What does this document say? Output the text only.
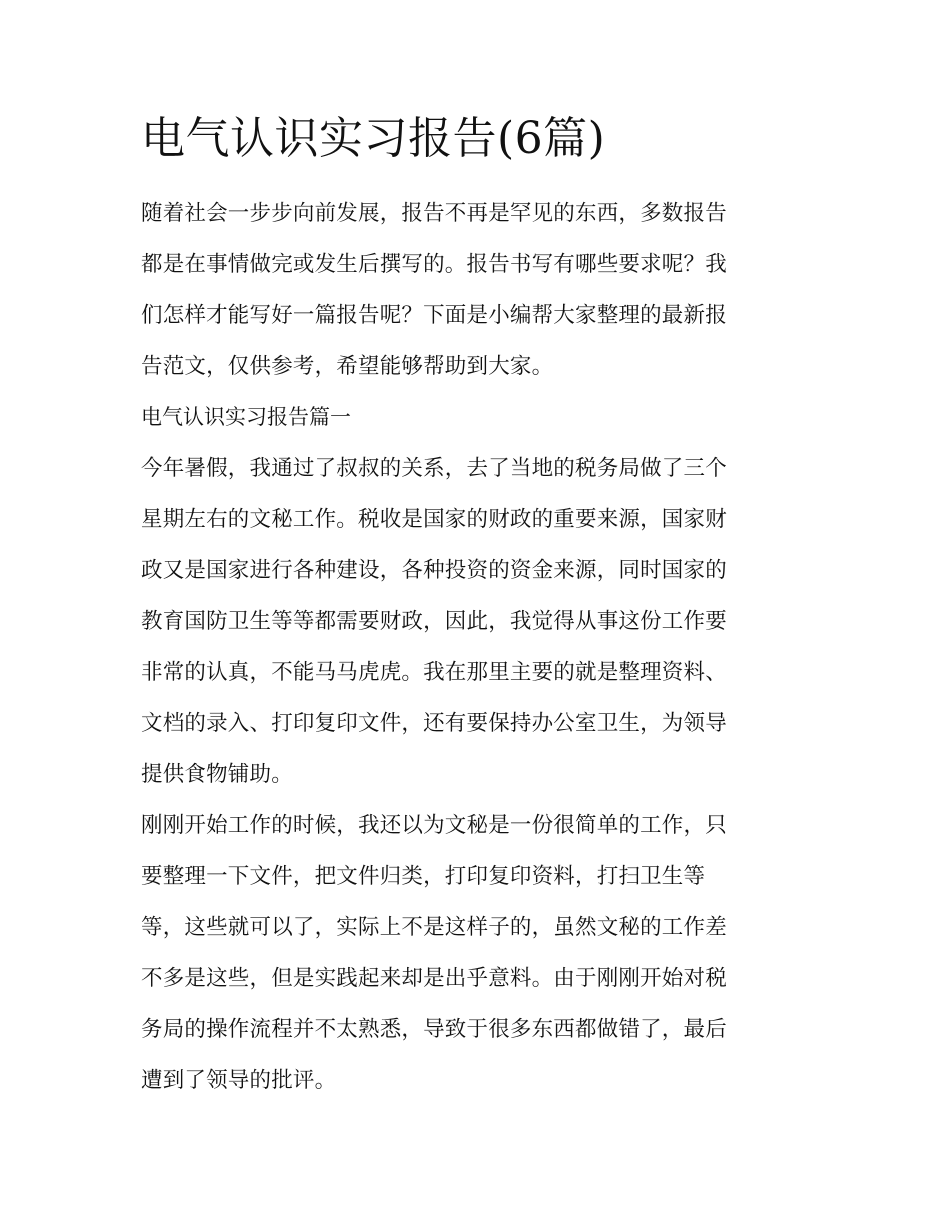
电气认识实习报告(6篇)

随着社会一步步向前发展，报告不再是罕见的东西，多数报告
都是在事情做完或发生后撰写的。报告书写有哪些要求呢？我
们怎样才能写好一篇报告呢？下面是小编帮大家整理的最新报
告范文，仅供参考，希望能够帮助到大家。

电气认识实习报告篇一

今年暑假，我通过了叔叔的关系，去了当地的税务局做了三个
星期左右的文秘工作。税收是国家的财政的重要来源，国家财
政又是国家进行各种建设，各种投资的资金来源，同时国家的
教育国防卫生等等都需要财政，因此，我觉得从事这份工作要
非常的认真，不能马马虎虎。我在那里主要的就是整理资料、
文档的录入、打印复印文件，还有要保持办公室卫生，为领导
提供食物铺助。

刚刚开始工作的时候，我还以为文秘是一份很简单的工作，只
要整理一下文件，把文件归类，打印复印资料，打扫卫生等
等，这些就可以了，实际上不是这样子的，虽然文秘的工作差
不多是这些，但是实践起来却是出乎意料。由于刚刚开始对税
务局的操作流程并不太熟悉，导致于很多东西都做错了，最后
遭到了领导的批评。
